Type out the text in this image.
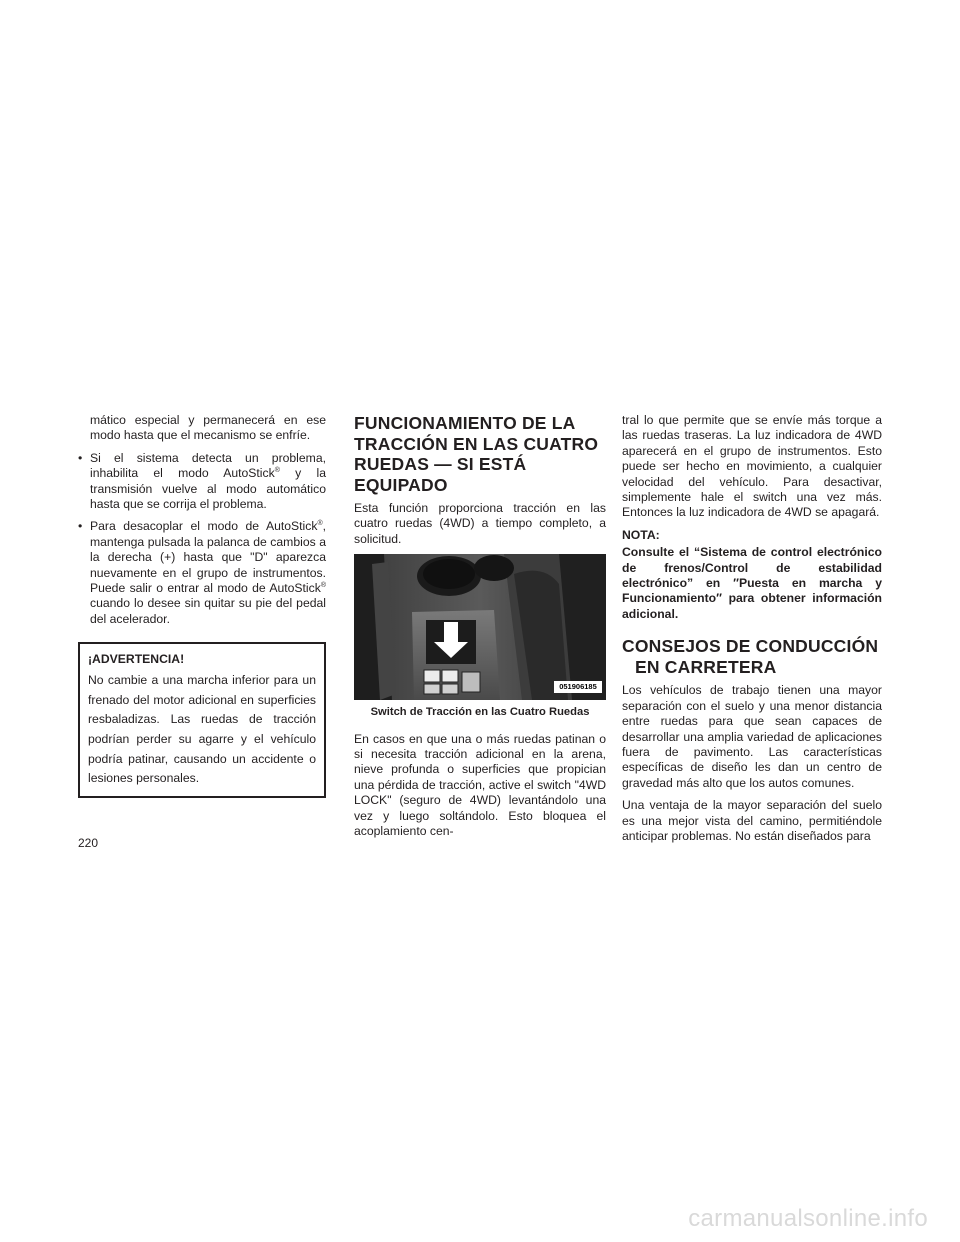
mático especial y permanecerá en ese modo hasta que el mecanismo se enfríe.

• Si el sistema detecta un problema, inhabilita el modo AutoStick® y la transmisión vuelve al modo automático hasta que se corrija el problema.
• Para desacoplar el modo de AutoStick®, mantenga pulsada la palanca de cambios a la derecha (+) hasta que "D" aparezca nuevamente en el grupo de instrumentos. Puede salir o entrar al modo de AutoStick® cuando lo desee sin quitar su pie del pedal del acelerador.
¡ADVERTENCIA!
No cambie a una marcha inferior para un frenado del motor adicional en superficies resbaladizas. Las ruedas de tracción podrían perder su agarre y el vehículo podría patinar, causando un accidente o lesiones personales.
FUNCIONAMIENTO DE LA
TRACCIÓN EN LAS CUATRO
RUEDAS — SI ESTÁ
EQUIPADO

Esta función proporciona tracción en las cuatro ruedas (4WD) a tiempo completo, a solicitud.

051906185
Switch de Tracción en las Cuatro Ruedas

En casos en que una o más ruedas patinan o si necesita tracción adicional en la arena, nieve profunda o superficies que propician una pérdida de tracción, active el switch "4WD LOCK" (seguro de 4WD) levantándolo una vez y luego soltándolo. Esto bloquea el acoplamiento cen-

tral lo que permite que se envíe más torque a las ruedas traseras. La luz indicadora de 4WD aparecerá en el grupo de instrumentos. Esto puede ser hecho en movimiento, a cualquier velocidad del vehículo. Para desactivar, simplemente hale el switch una vez más. Entonces la luz indicadora de 4WD se apagará.

NOTA:

Consulte el “Sistema de control electrónico de frenos/Control de estabilidad electrónico” en ″Puesta en marcha y Funcionamiento″ para obtener información adicional.

CONSEJOS DE CONDUCCIÓN
EN CARRETERA

Los vehículos de trabajo tienen una mayor separación con el suelo y una menor distancia entre ruedas para que sean capaces de desarrollar una amplia variedad de aplicaciones fuera de pavimento. Las características específicas de diseño les dan un centro de gravedad más alto que los autos comunes.

Una ventaja de la mayor separación del suelo es una mejor vista del camino, permitiéndole anticipar problemas. No están diseñados para

220
carmanualsonline.info
